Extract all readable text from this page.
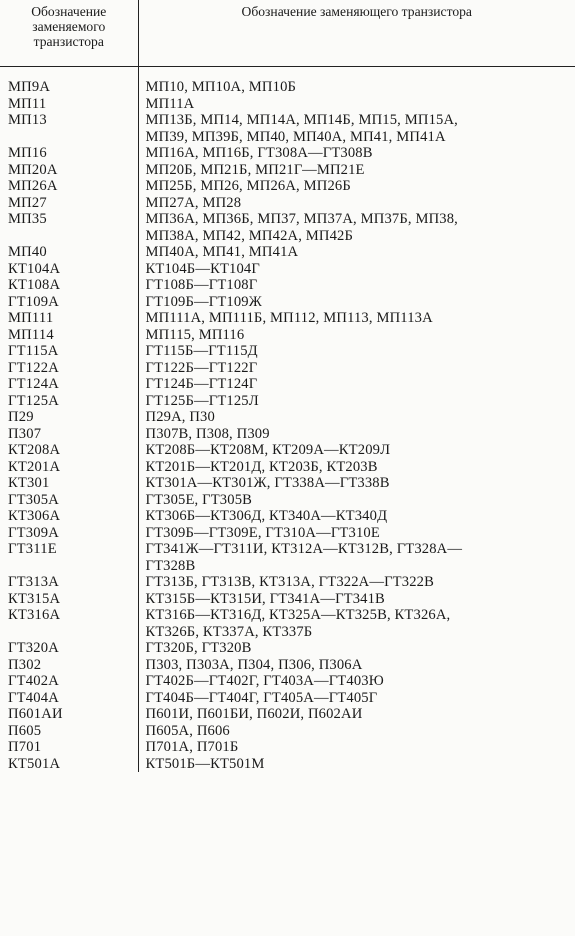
Обозначение заменяемого транзистора	Обозначение заменяющего транзистора
МП9А	МП10, МП10А, МП10Б

МП11	МП11А

МП13	МП13Б, МП14, МП14А, МП14Б, МП15, МП15А,
МП39, МП39Б, МП40, МП40А, МП41, МП41А

МП16	МП16А, МП16Б, ГТ308А—ГТ308В

МП20А	МП20Б, МП21Б, МП21Г—МП21Е

МП26А	МП25Б, МП26, МП26А, МП26Б

МП27	МП27А, МП28

МП35	МП36А, МП36Б, МП37, МП37А, МП37Б, МП38,
МП38А, МП42, МП42А, МП42Б

МП40	МП40А, МП41, МП41А

КТ104А	КТ104Б—КТ104Г

КТ108А	ГТ108Б—ГТ108Г

ГТ109А	ГТ109Б—ГТ109Ж

МП111	МП111А, МП111Б, МП112, МП113, МП113А

МП114	МП115, МП116

ГТ115А	ГТ115Б—ГТ115Д

ГТ122А	ГТ122Б—ГТ122Г

ГТ124А	ГТ124Б—ГТ124Г

ГТ125А	ГТ125Б—ГТ125Л

П29	П29А, П30

П307	П307В, П308, П309

КТ208А	КТ208Б—КТ208М, КТ209А—КТ209Л

КТ201А	КТ201Б—КТ201Д, КТ203Б, КТ203В

КТ301	КТ301А—КТ301Ж, ГТ338А—ГТ338В

ГТ305А	ГТ305Е, ГТ305В

КТ306А	КТ306Б—КТ306Д, КТ340А—КТ340Д

ГТ309А	ГТ309Б—ГТ309Е, ГТ310А—ГТ310Е

ГТ311Е	ГТ341Ж—ГТ311И, КТ312А—КТ312В, ГТ328А—
ГТ328В

ГТ313А	ГТ313Б, ГТ313В, КТ313А, ГТ322А—ГТ322В

КТ315А	КТ315Б—КТ315И, ГТ341А—ГТ341В

КТ316А	КТ316Б—КТ316Д, КТ325А—КТ325В, КТ326А,
КТ326Б, КТ337А, КТ337Б

ГТ320А	ГТ320Б, ГТ320В

П302	П303, П303А, П304, П306, П306А

ГТ402А	ГТ402Б—ГТ402Г, ГТ403А—ГТ403Ю

ГТ404А	ГТ404Б—ГТ404Г, ГТ405А—ГТ405Г

П601АИ	П601И, П601БИ, П602И, П602АИ

П605	П605А, П606

П701	П701А, П701Б

КТ501А	КТ501Б—КТ501М
